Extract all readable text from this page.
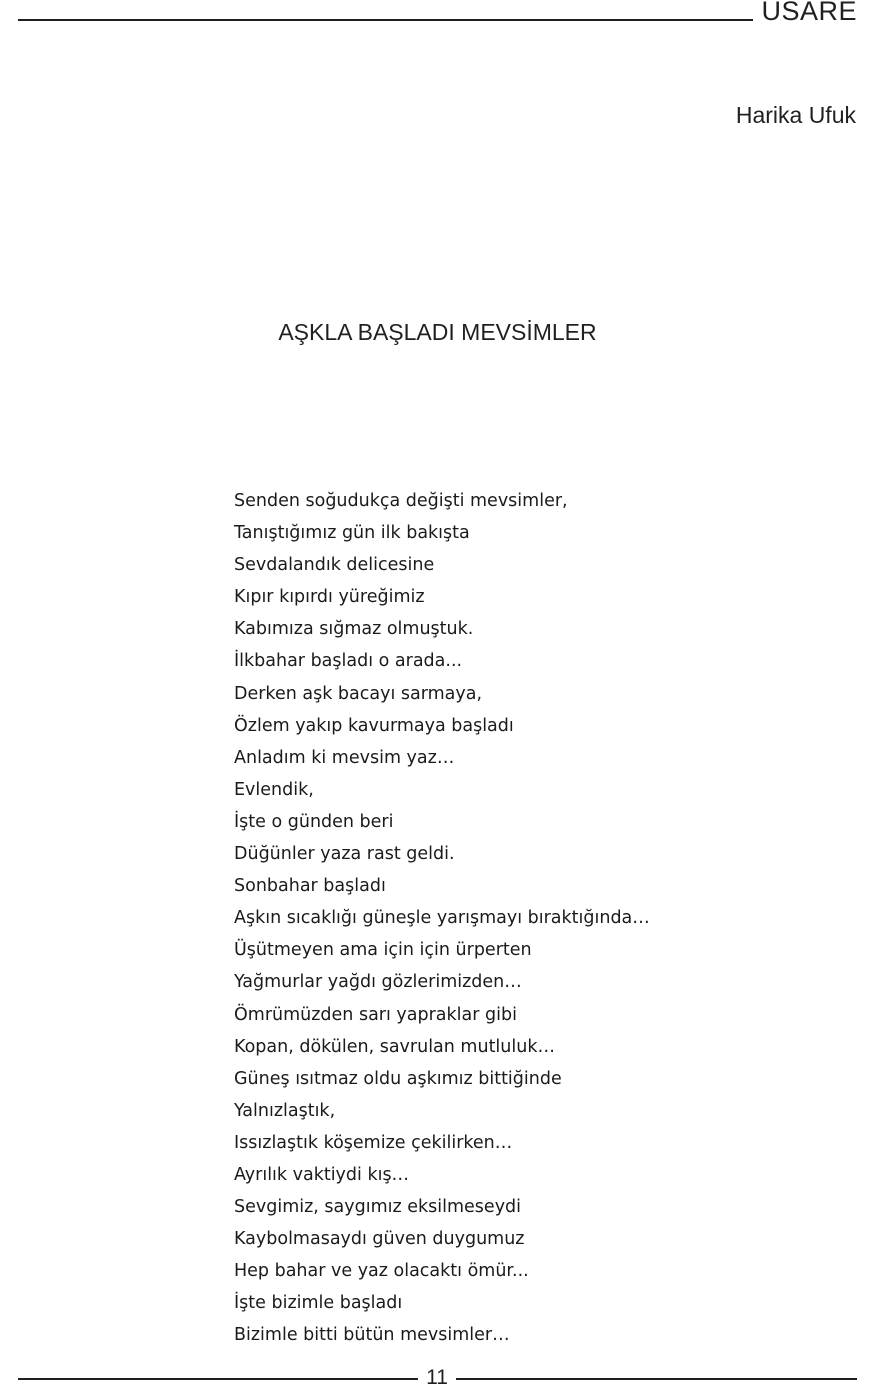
USARE
Harika Ufuk
AŞKLA BAŞLADI MEVSİMLER
Senden soğudukça değişti mevsimler,
Tanıştığımız gün ilk bakışta
Sevdalandık delicesine
Kıpır kıpırdı yüreğimiz
Kabımıza sığmaz olmuştuk.
İlkbahar başladı o arada...
Derken aşk bacayı sarmaya,
Özlem yakıp kavurmaya başladı
Anladım ki mevsim yaz…
Evlendik,
İşte o günden beri
Düğünler yaza rast geldi.
Sonbahar başladı
Aşkın sıcaklığı güneşle yarışmayı bıraktığında…
Üşütmeyen ama için için ürperten
Yağmurlar yağdı gözlerimizden…
Ömrümüzden sarı yapraklar gibi
Kopan, dökülen, savrulan mutluluk…
Güneş ısıtmaz oldu aşkımız bittiğinde
Yalnızlaştık,
Issızlaştık köşemize çekilirken…
Ayrılık vaktiydi kış…
Sevgimiz, saygımız eksilmeseydi
Kaybolmasaydı güven duygumuz
Hep bahar ve yaz olacaktı ömür...
İşte bizimle başladı
Bizimle bitti bütün mevsimler…
11
